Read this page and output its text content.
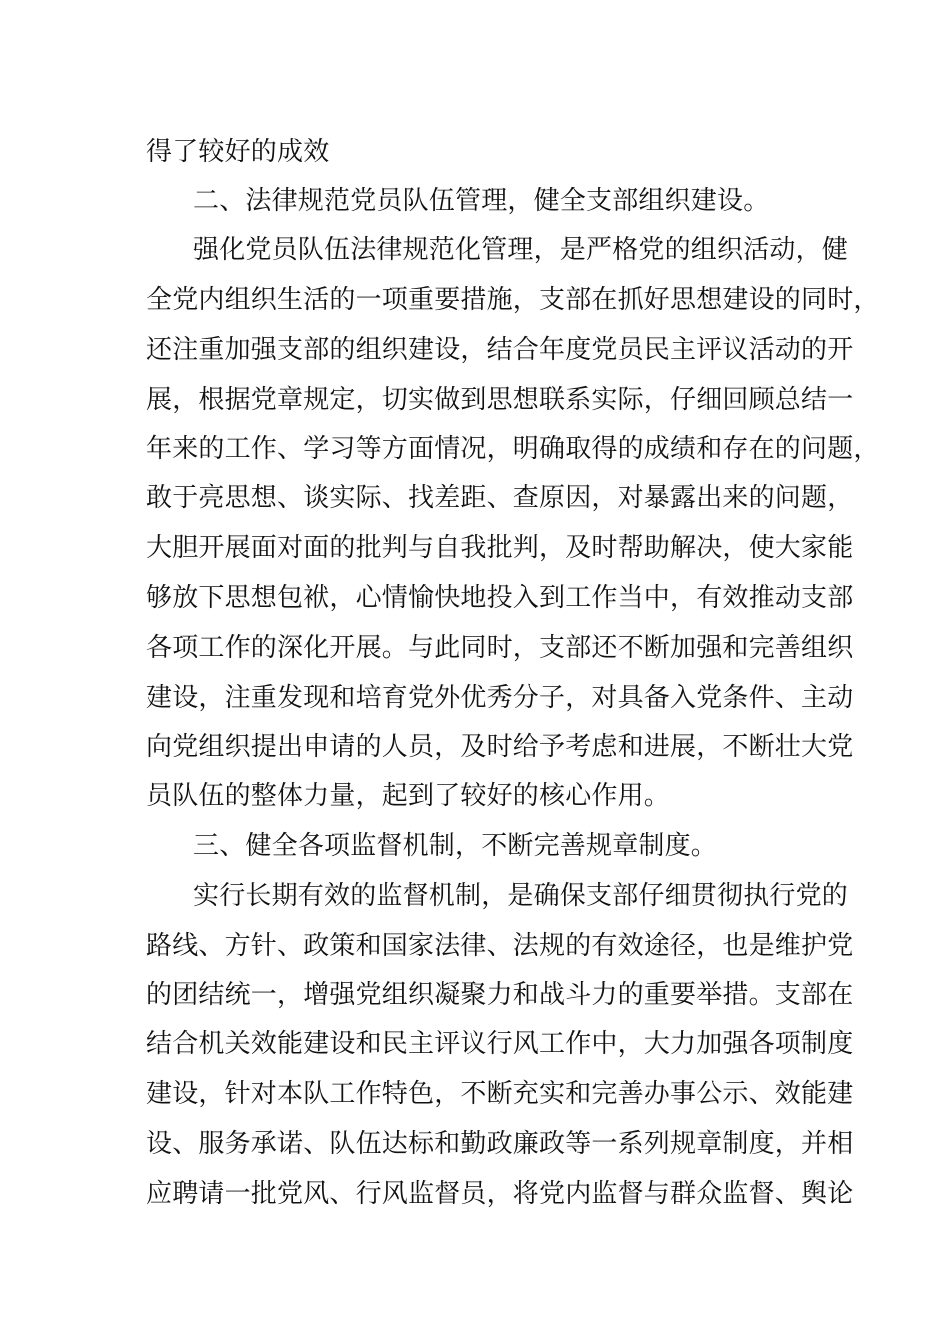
得了较好的成效
二、法律规范党员队伍管理，健全支部组织建设。
强化党员队伍法律规范化管理，是严格党的组织活动，健
全党内组织生活的一项重要措施，支部在抓好思想建设的同时，
还注重加强支部的组织建设，结合年度党员民主评议活动的开
展，根据党章规定，切实做到思想联系实际，仔细回顾总结一
年来的工作、学习等方面情况，明确取得的成绩和存在的问题，
敢于亮思想、谈实际、找差距、查原因，对暴露出来的问题，
大胆开展面对面的批判与自我批判，及时帮助解决，使大家能
够放下思想包袱，心情愉快地投入到工作当中，有效推动支部
各项工作的深化开展。与此同时，支部还不断加强和完善组织
建设，注重发现和培育党外优秀分子，对具备入党条件、主动
向党组织提出申请的人员，及时给予考虑和进展，不断壮大党
员队伍的整体力量，起到了较好的核心作用。
三、健全各项监督机制，不断完善规章制度。
实行长期有效的监督机制，是确保支部仔细贯彻执行党的
路线、方针、政策和国家法律、法规的有效途径，也是维护党
的团结统一，增强党组织凝聚力和战斗力的重要举措。支部在
结合机关效能建设和民主评议行风工作中，大力加强各项制度
建设，针对本队工作特色，不断充实和完善办事公示、效能建
设、服务承诺、队伍达标和勤政廉政等一系列规章制度，并相
应聘请一批党风、行风监督员，将党内监督与群众监督、舆论
